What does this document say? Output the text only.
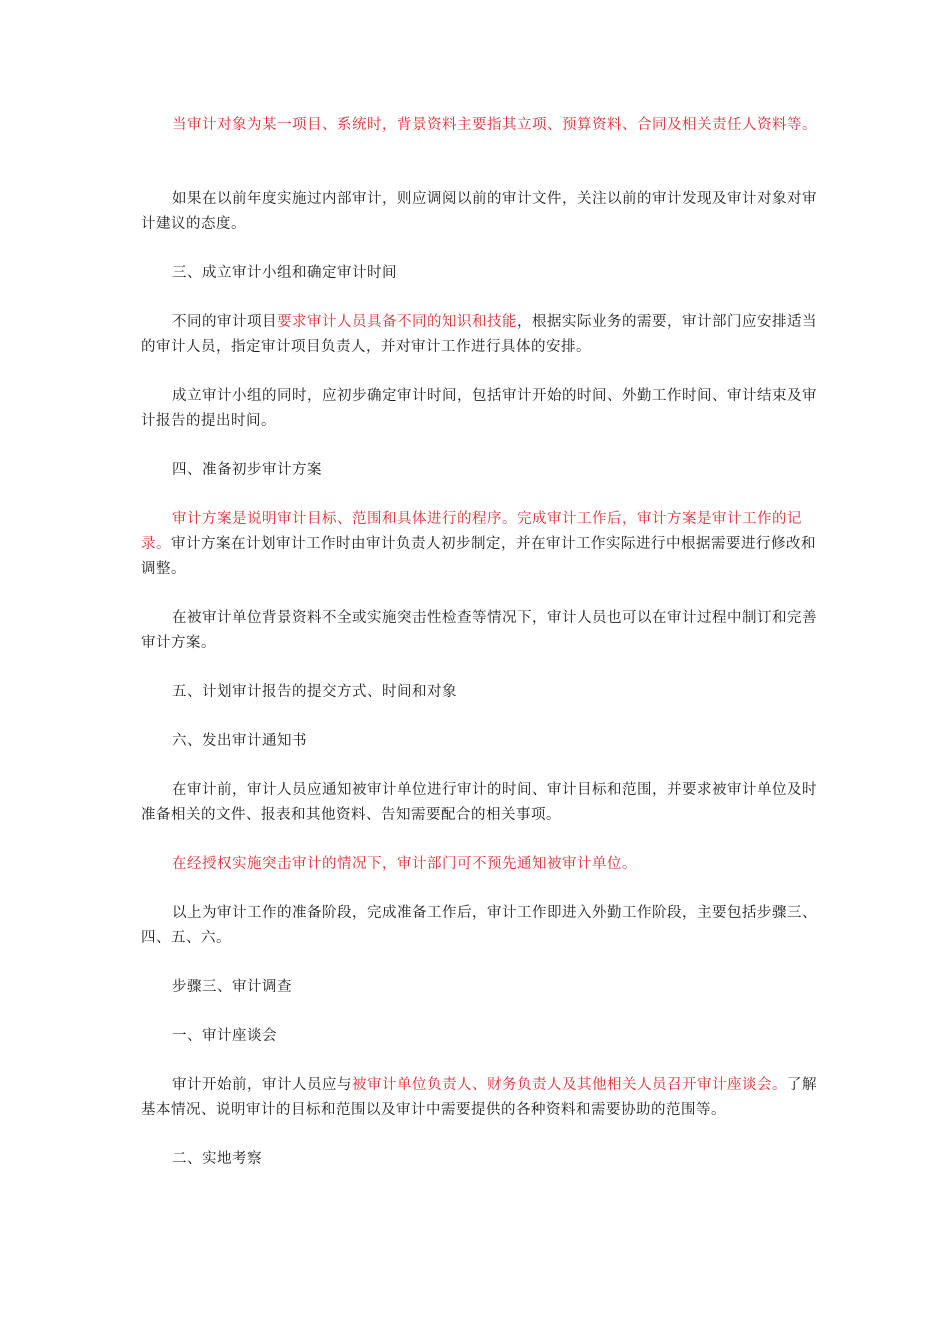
当审计对象为某一项目、系统时，背景资料主要指其立项、预算资料、合同及相关责任人资料等。

如果在以前年度实施过内部审计，则应调阅以前的审计文件，关注以前的审计发现及审计对象对审计建议的态度。

三、成立审计小组和确定审计时间

不同的审计项目要求审计人员具备不同的知识和技能，根据实际业务的需要，审计部门应安排适当的审计人员，指定审计项目负责人，并对审计工作进行具体的安排。

成立审计小组的同时，应初步确定审计时间，包括审计开始的时间、外勤工作时间、审计结束及审计报告的提出时间。

四、准备初步审计方案

审计方案是说明审计目标、范围和具体进行的程序。完成审计工作后，审计方案是审计工作的记录。审计方案在计划审计工作时由审计负责人初步制定，并在审计工作实际进行中根据需要进行修改和调整。

在被审计单位背景资料不全或实施突击性检查等情况下，审计人员也可以在审计过程中制订和完善审计方案。

五、计划审计报告的提交方式、时间和对象

六、发出审计通知书

在审计前，审计人员应通知被审计单位进行审计的时间、审计目标和范围，并要求被审计单位及时准备相关的文件、报表和其他资料、告知需要配合的相关事项。

在经授权实施突击审计的情况下，审计部门可不预先通知被审计单位。

以上为审计工作的准备阶段，完成准备工作后，审计工作即进入外勤工作阶段，主要包括步骤三、四、五、六。

步骤三、审计调查

一、审计座谈会

审计开始前，审计人员应与被审计单位负责人、财务负责人及其他相关人员召开审计座谈会。了解基本情况、说明审计的目标和范围以及审计中需要提供的各种资料和需要协助的范围等。

二、实地考察
